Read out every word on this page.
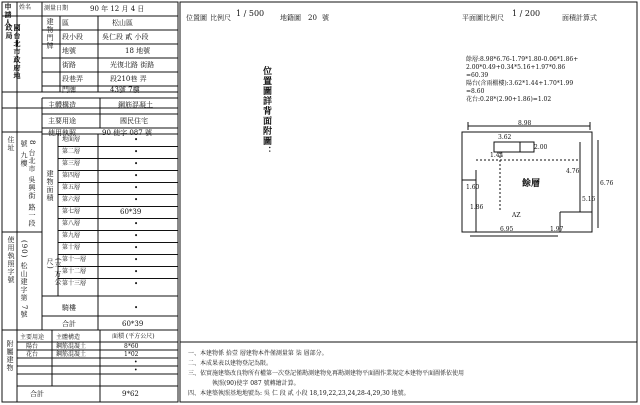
申請人 姓名 測量日期	90 年 12 月 4 日
國台北市政府地政局	建物門牌 區	松山區
段小段	吳仁段 貳 小段
地號	18 地號
街路	光復北路 街路
段巷弄	段210巷 弄
門牌	43號 7樓
主體構造	鋼筋混凝土
主要用途	國民住宅
使用執照	90 使字 087 號
住址	8 台北市 吳興街 路一段 號 九樓
使用執照字號 (90) 松山建字第 7號
建物面積
(平方公尺)
地面層	•
第二層	•
第三層	•
第四層	•
第五層	•
第六層	•
第七層	60*39
第八層	•
第九層	•
第十層	•
第十一層	•
第十二層	•
第十三層	•
騎樓	•
合計	60*39
附屬建物
主要用途 主體構造	面積 (平方公尺)
陽台	鋼筋混凝土	8*60
花台	鋼筋混凝土	1*02
•
•
合計	9*62
位置圖 比例尺 1 / 500 地籍圖 20 號	平面圖比例尺 1 / 200	面積計算式
餘層:8.98*6.76-1.79*1.80-0.06*1.86+
2.00*0.49+0.34*5.16+1.97*0.86
=60.39
陽台(含雨棚樓):3.62*1.44+1.70*1.99
=8.60
花台:0.28*(2.90+1.86)=1.02
位置圖詳背面附圖：
餘層
8.98
3.62
1.44
2.00
6.76
5.16
4.76
AZ
6.95	1.97
1.86
1.60
一、本建物係 拾壹 層建物本件僅測量第 柒 層部分。
二、本成果表以建物登記為限。
三、依實施建築改良物所有權第一次登記僅勘測建物免再勘測建物平面圖作業規定本建物平面圖係依使用
執照(90)使字 087 號轉繪計算。
四、本建築執照基地地號為: 吳 仁 段 貳 小段 18,19,22,23,24,28-4,29,30 地號。
